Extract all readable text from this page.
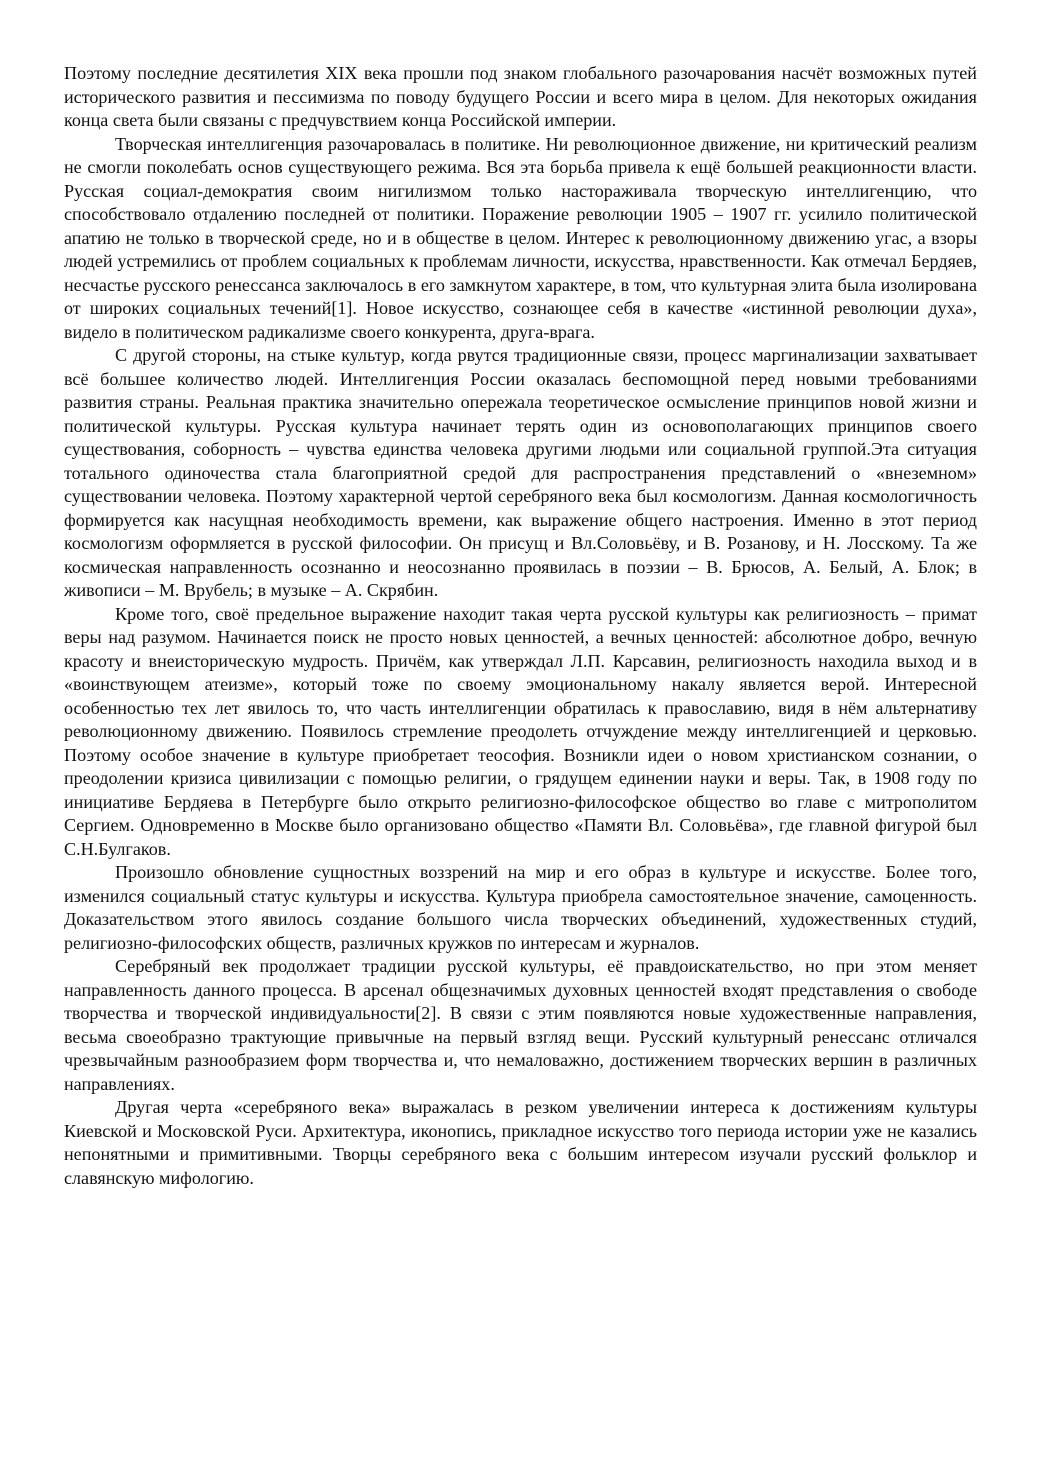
Поэтому последние десятилетия XIX века прошли под знаком глобального разочарования насчёт возможных путей исторического развития и пессимизма по поводу будущего России и всего мира в целом. Для некоторых ожидания конца света были связаны с предчувствием конца Российской империи.

Творческая интеллигенция разочаровалась в политике. Ни революционное движение, ни критический реализм не смогли поколебать основ существующего режима. Вся эта борьба привела к ещё большей реакционности власти. Русская социал-демократия своим нигилизмом только настораживала творческую интеллигенцию, что способствовало отдалению последней от политики. Поражение революции 1905 – 1907 гг. усилило политической апатию не только в творческой среде, но и в обществе в целом. Интерес к революционному движению угас, а взоры людей устремились от проблем социальных к проблемам личности, искусства, нравственности. Как отмечал Бердяев, несчастье русского ренессанса заключалось в его замкнутом характере, в том, что культурная элита была изолирована от широких социальных течений[1]. Новое искусство, сознающее себя в качестве «истинной революции духа», видело в политическом радикализме своего конкурента, друга-врага.

С другой стороны, на стыке культур, когда рвутся традиционные связи, процесс маргинализации захватывает всё большее количество людей. Интеллигенция России оказалась беспомощной перед новыми требованиями развития страны. Реальная практика значительно опережала теоретическое осмысление принципов новой жизни и политической культуры. Русская культура начинает терять один из основополагающих принципов своего существования, соборность – чувства единства человека другими людьми или социальной группой.Эта ситуация тотального одиночества стала благоприятной средой для распространения представлений о «внеземном» существовании человека. Поэтому характерной чертой серебряного века был космологизм. Данная космологичность формируется как насущная необходимость времени, как выражение общего настроения. Именно в этот период космологизм оформляется в русской философии. Он присущ и Вл.Соловьёву, и В. Розанову, и Н. Лосскому. Та же космическая направленность осознанно и неосознанно проявилась в поэзии – В. Брюсов, А. Белый, А. Блок; в живописи – М. Врубель; в музыке – А. Скрябин.

Кроме того, своё предельное выражение находит такая черта русской культуры как религиозность – примат веры над разумом. Начинается поиск не просто новых ценностей, а вечных ценностей: абсолютное добро, вечную красоту и внеисторическую мудрость. Причём, как утверждал Л.П. Карсавин, религиозность находила выход и в «воинствующем атеизме», который тоже по своему эмоциональному накалу является верой. Интересной особенностью тех лет явилось то, что часть интеллигенции обратилась к православию, видя в нём альтернативу революционному движению. Появилось стремление преодолеть отчуждение между интеллигенцией и церковью. Поэтому особое значение в культуре приобретает теософия. Возникли идеи о новом христианском сознании, о преодолении кризиса цивилизации с помощью религии, о грядущем единении науки и веры. Так, в 1908 году по инициативе Бердяева в Петербурге было открыто религиозно-философское общество во главе с митрополитом Сергием. Одновременно в Москве было организовано общество «Памяти Вл. Соловьёва», где главной фигурой был С.Н.Булгаков.

Произошло обновление сущностных воззрений на мир и его образ в культуре и искусстве. Более того, изменился социальный статус культуры и искусства. Культура приобрела самостоятельное значение, самоценность. Доказательством этого явилось создание большого числа творческих объединений, художественных студий, религиозно-философских обществ, различных кружков по интересам и журналов.

Серебряный век продолжает традиции русской культуры, её правдоискательство, но при этом меняет направленность данного процесса. В арсенал общезначимых духовных ценностей входят представления о свободе творчества и творческой индивидуальности[2]. В связи с этим появляются новые художественные направления, весьма своеобразно трактующие привычные на первый взгляд вещи. Русский культурный ренессанс отличался чрезвычайным разнообразием форм творчества и, что немаловажно, достижением творческих вершин в различных направлениях.

Другая черта «серебряного века» выражалась в резком увеличении интереса к достижениям культуры Киевской и Московской Руси. Архитектура, иконопись, прикладное искусство того периода истории уже не казались непонятными и примитивными. Творцы серебряного века с большим интересом изучали русский фольклор и славянскую мифологию.
